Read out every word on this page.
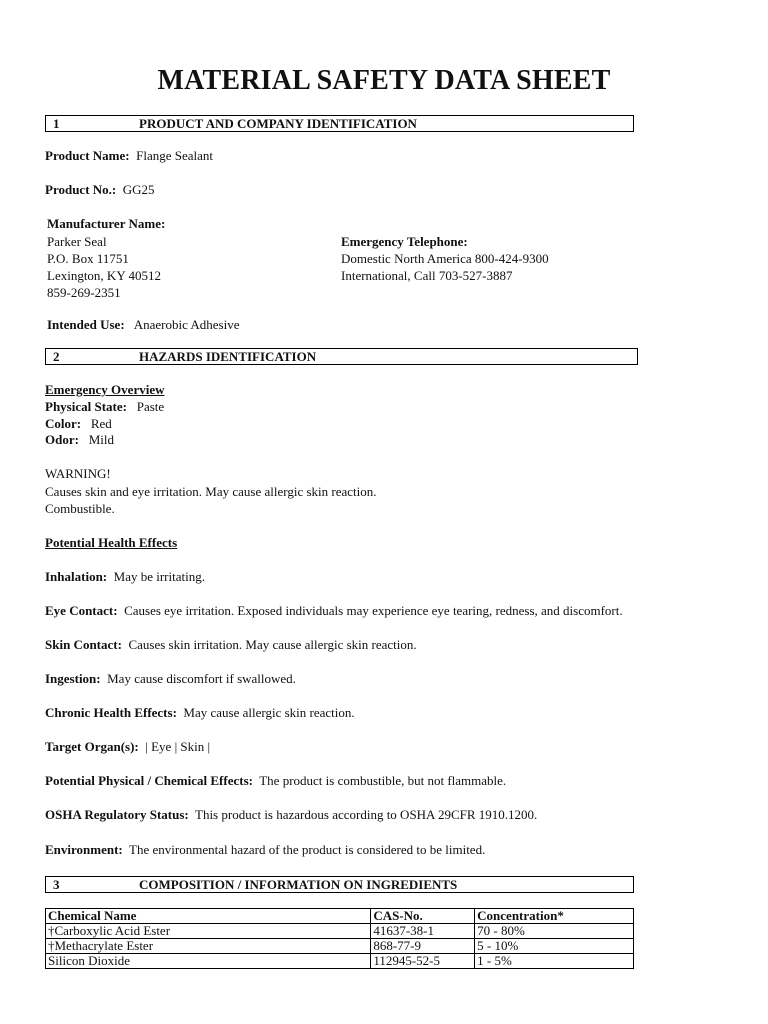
MATERIAL SAFETY DATA SHEET
1	PRODUCT AND COMPANY IDENTIFICATION
Product Name: Flange Sealant
Product No.: GG25
Manufacturer Name:
Parker Seal
P.O. Box 11751
Lexington, KY 40512
859-269-2351
Emergency Telephone:
Domestic North America 800-424-9300
International, Call 703-527-3887
Intended Use: Anaerobic Adhesive
2	HAZARDS IDENTIFICATION
Emergency Overview
Physical State: Paste
Color: Red
Odor: Mild
WARNING!
Causes skin and eye irritation. May cause allergic skin reaction.
Combustible.
Potential Health Effects
Inhalation: May be irritating.
Eye Contact: Causes eye irritation. Exposed individuals may experience eye tearing, redness, and discomfort.
Skin Contact: Causes skin irritation. May cause allergic skin reaction.
Ingestion: May cause discomfort if swallowed.
Chronic Health Effects: May cause allergic skin reaction.
Target Organ(s): | Eye | Skin |
Potential Physical / Chemical Effects: The product is combustible, but not flammable.
OSHA Regulatory Status: This product is hazardous according to OSHA 29CFR 1910.1200.
Environment: The environmental hazard of the product is considered to be limited.
3	COMPOSITION / INFORMATION ON INGREDIENTS
Chemical Name	CAS-No.	Concentration*
†Carboxylic Acid Ester	41637-38-1	70 - 80%
†Methacrylate Ester	868-77-9	5 - 10%
Silicon Dioxide	112945-52-5	1 - 5%
